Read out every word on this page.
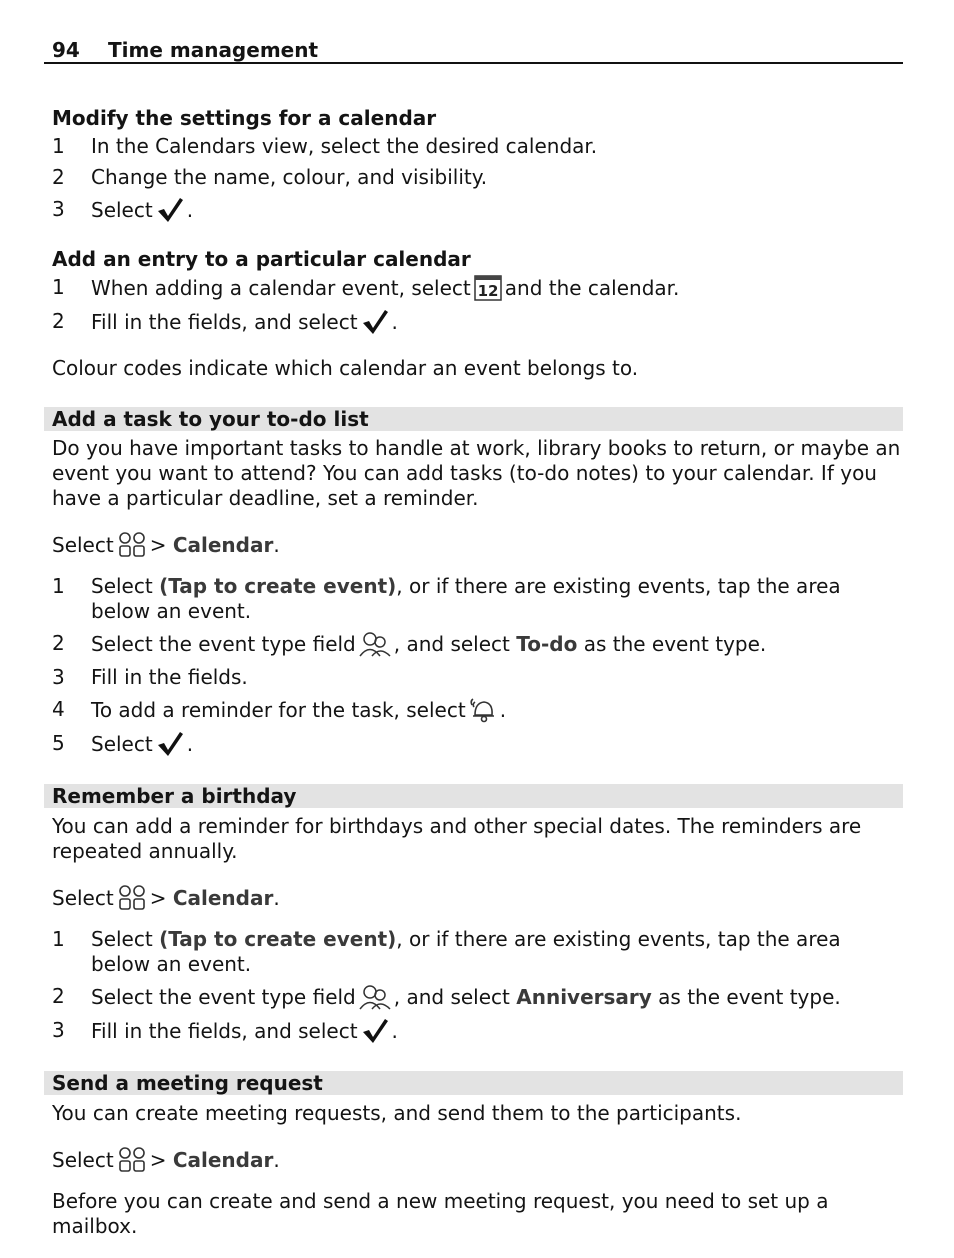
94 Time management
Modify the settings for a calendar
1 In the Calendars view, select the desired calendar.
2 Change the name, colour, and visibility.
3 Select .
Add an entry to a particular calendar
1 When adding a calendar event, select 12 and the calendar.
2 Fill in the fields, and select .
Colour codes indicate which calendar an event belongs to.
Add a task to your to-do list
Do you have important tasks to handle at work, library books to return, or maybe an event you want to attend? You can add tasks (to-do notes) to your calendar. If you have a particular deadline, set a reminder.
Select > Calendar.
1 Select (Tap to create event), or if there are existing events, tap the area below an event.
2 Select the event type field , and select To-do as the event type.
3 Fill in the fields.
4 To add a reminder for the task, select .
5 Select .
Remember a birthday
You can add a reminder for birthdays and other special dates. The reminders are repeated annually.
Select > Calendar.
1 Select (Tap to create event), or if there are existing events, tap the area below an event.
2 Select the event type field , and select Anniversary as the event type.
3 Fill in the fields, and select .
Send a meeting request
You can create meeting requests, and send them to the participants.
Select > Calendar.
Before you can create and send a new meeting request, you need to set up a mailbox.
